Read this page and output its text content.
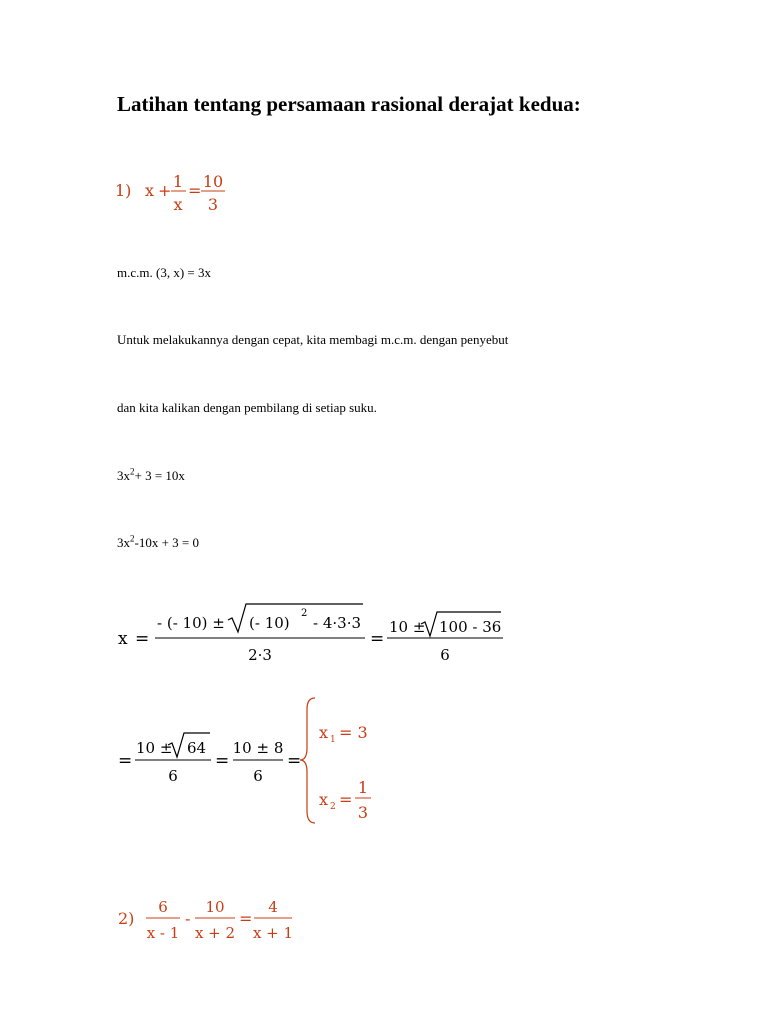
Latihan tentang persamaan rasional derajat kedua:
1) x + 1
x
= 10
3
m.c.m. (3, x) = 3x
Untuk melakukannya dengan cepat, kita membagi m.c.m. dengan penyebut
dan kita kalikan dengan pembilang di setiap suku.
$3x^2+ 3 = 10x$
$3x^2-10x + 3 = 0$
x =
- (- 10) ± (- 10)
2
- 4·3·3
2·3
=
10 ± 100 - 36
6
=
10 ± 64
6
=
10 ± 8
6
=
x 1 = 3
x 2 =
1
3
2)
6
x - 1
-
10
x + 2
=
4
x + 1
